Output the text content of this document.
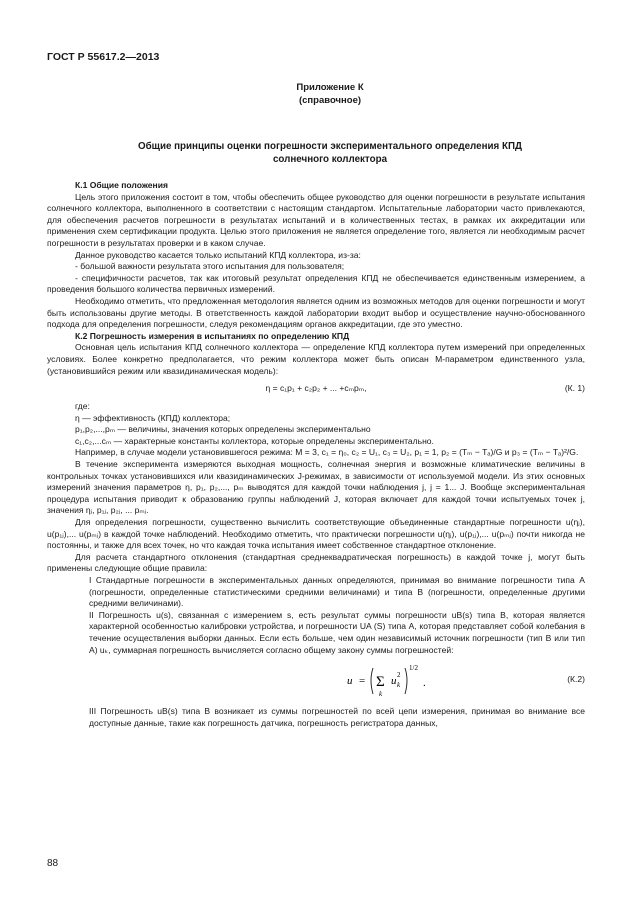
ГОСТ Р 55617.2—2013
Приложение К
(справочное)
Общие принципы оценки погрешности экспериментального определения КПД
солнечного коллектора

К.1 Общие положения

Цель этого приложения состоит в том, чтобы обеспечить общее руководство для оценки погрешности в результате испытания солнечного коллектора, выполненного в соответствии с настоящим стандартом. Испытательные лаборатории часто привлекаются, для обеспечения расчетов погрешности в результатах испытаний и в количественных тестах, в рамках их аккредитации или применения схем сертификации продукта. Целью этого приложения не является определение того, является ли необходимым расчет погрешности в результатах проверки и в каком случае.

Данное руководство касается только испытаний КПД коллектора, из-за:

- большой важности результата этого испытания для пользователя;

- специфичности расчетов, так как итоговый результат определения КПД не обеспечивается единственным измерением, а проведения большого количества первичных измерений.

Необходимо отметить, что предложенная методология является одним из возможных методов для оценки погрешности и могут быть использованы другие методы. В ответственность каждой лаборатории входит выбор и осуществление научно-обоснованного подхода для определения погрешности, следуя рекомендациям органов аккредитации, где это уместно.

К.2 Погрешность измерения в испытаниях по определению КПД

Основная цель испытания КПД солнечного коллектора — определение КПД коллектора путем измерений при определенных условиях. Более конкретно предполагается, что режим коллектора может быть описан М-параметром единственного узла, (установившийся режим или квазидинамическая модель):

η = c₁p₁ + c₂p₂ + ... +cₘpₘ,	(К. 1)

где:

η — эффективность (КПД) коллектора;

p₁,p₂,...,pₘ — величины, значения которых определены экспериментально

c₁,c₂,...cₘ — характерные константы коллектора, которые определены экспериментально.

Например, в случае модели установившегося режима: M = 3, c₁ = η₀, c₂ = U₁, c₃ = U₂, p₁ = 1, p₂ = (Tₘ − Tₐ)/G и p₃ = (Tₘ − Tₐ)²/G.

В течение эксперимента измеряются выходная мощность, солнечная энергия и возможные климатические величины в контрольных точках установившихся или квазидинамических J-режимах, в зависимости от используемой модели. Из этих основных измерений значения параметров η, p₁, p₂,..., pₘ выводятся для каждой точки наблюдения j, j = 1... J. Вообще экспериментальная процедура испытания приводит к образованию группы наблюдений J, которая включает для каждой точки испытуемых точек j, значения ηⱼ, p₁ⱼ, p₂ⱼ, ... pₘⱼ.

Для определения погрешности, существенно вычислить соответствующие объединенные стандартные погрешности u(ηⱼ), u(p₁ⱼ),... u(pₘⱼ) в каждой точке наблюдений. Необходимо отметить, что практически погрешности u(ηⱼ), u(p₁ⱼ),... u(pₘⱼ) почти никогда не постоянны, и также для всех точек, но что каждая точка испытания имеет собственное стандартное отклонение.

Для расчета стандартного отклонения (стандартная среднеквадратическая погрешность) в каждой точке j, могут быть применены следующие общие правила:

I Стандартные погрешности в экспериментальных данных определяются, принимая во внимание погрешности типа А (погрешности, определенные статистическими средними величинами) и типа В (погрешности, определенные другими средними величинами).

II Погрешность u(s), связанная с измерением s, есть результат суммы погрешности uB(s) типа В, которая является характерной особенностью калибровки устройства, и погрешности UA (S) типа А, которая представляет собой колебания в течение осуществления выборки данных. Если есть больше, чем один независимый источник погрешности (тип В или тип А) uₖ, суммарная погрешность вычисляется согласно общему закону суммы погрешностей:

u = Σ
k
u k
2
1/2
.	(К.2)

III Погрешность uB(s) типа В возникает из суммы погрешностей по всей цепи измерения, принимая во внимание все доступные данные, такие как погрешность датчика, погрешность регистратора данных,

88
